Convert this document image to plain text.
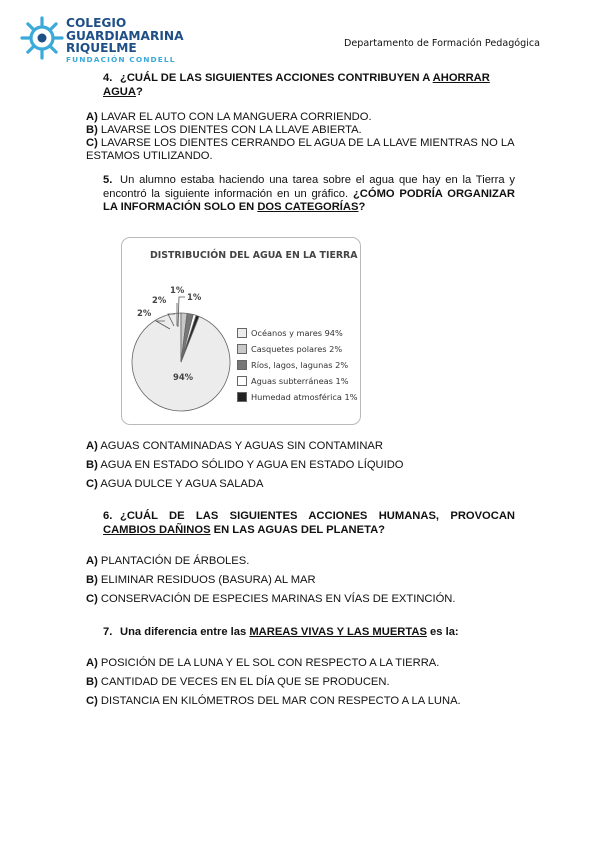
COLEGIO
GUARDIAMARINA
RIQUELME
FUNDACIÓN CONDELL
Departamento de Formación Pedagógica
4. ¿CUÁL DE LAS SIGUIENTES ACCIONES CONTRIBUYEN A AHORRAR AGUA?
A) LAVAR EL AUTO CON LA MANGUERA CORRIENDO.
B) LAVARSE LOS DIENTES CON LA LLAVE ABIERTA.
C) LAVARSE LOS DIENTES CERRANDO EL AGUA DE LA LLAVE MIENTRAS NO LA ESTAMOS UTILIZANDO.
5. Un alumno estaba haciendo una tarea sobre el agua que hay en la Tierra y encontró la siguiente información en un gráfico. ¿CÓMO PODRÍA ORGANIZAR LA INFORMACIÓN SOLO EN DOS CATEGORÍAS?
DISTRIBUCIÓN DEL AGUA EN LA TIERRA
2%
2%
1%
1%
94%
Océanos y mares 94%
Casquetes polares 2%
Ríos, lagos, lagunas 2%
Aguas subterráneas 1%
Humedad atmosférica 1%
A) AGUAS CONTAMINADAS Y AGUAS SIN CONTAMINAR
B) AGUA EN ESTADO SÓLIDO Y AGUA EN ESTADO LÍQUIDO
C) AGUA DULCE Y AGUA SALADA
6. ¿CUÁL DE LAS SIGUIENTES ACCIONES HUMANAS, PROVOCAN CAMBIOS DAÑINOS EN LAS AGUAS DEL PLANETA?
A) PLANTACIÓN DE ÁRBOLES.
B) ELIMINAR RESIDUOS (BASURA) AL MAR
C) CONSERVACIÓN DE ESPECIES MARINAS EN VÍAS DE EXTINCIÓN.
7. Una diferencia entre las MAREAS VIVAS Y LAS MUERTAS es la:
A) POSICIÓN DE LA LUNA Y EL SOL CON RESPECTO A LA TIERRA.
B) CANTIDAD DE VECES EN EL DÍA QUE SE PRODUCEN.
C) DISTANCIA EN KILÓMETROS DEL MAR CON RESPECTO A LA LUNA.
